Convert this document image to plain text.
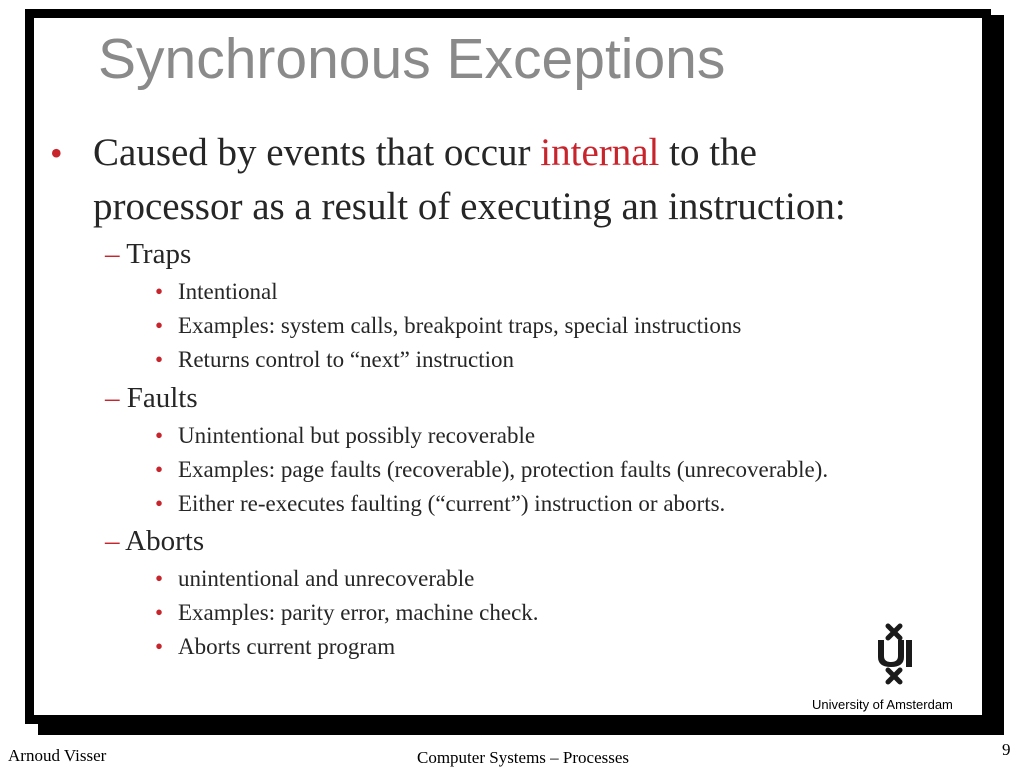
Synchronous Exceptions
• Caused by events that occur internal to the
processor as a result of executing an instruction:
– Traps
• Intentional
• Examples: system calls, breakpoint traps, special instructions
• Returns control to “next” instruction
– Faults
• Unintentional but possibly recoverable
• Examples: page faults (recoverable), protection faults (unrecoverable).
• Either re-executes faulting (“current”) instruction or aborts.
– Aborts
• unintentional and unrecoverable
• Examples: parity error, machine check.
• Aborts current program
University of Amsterdam
Arnoud Visser	Computer Systems – Processes	9
